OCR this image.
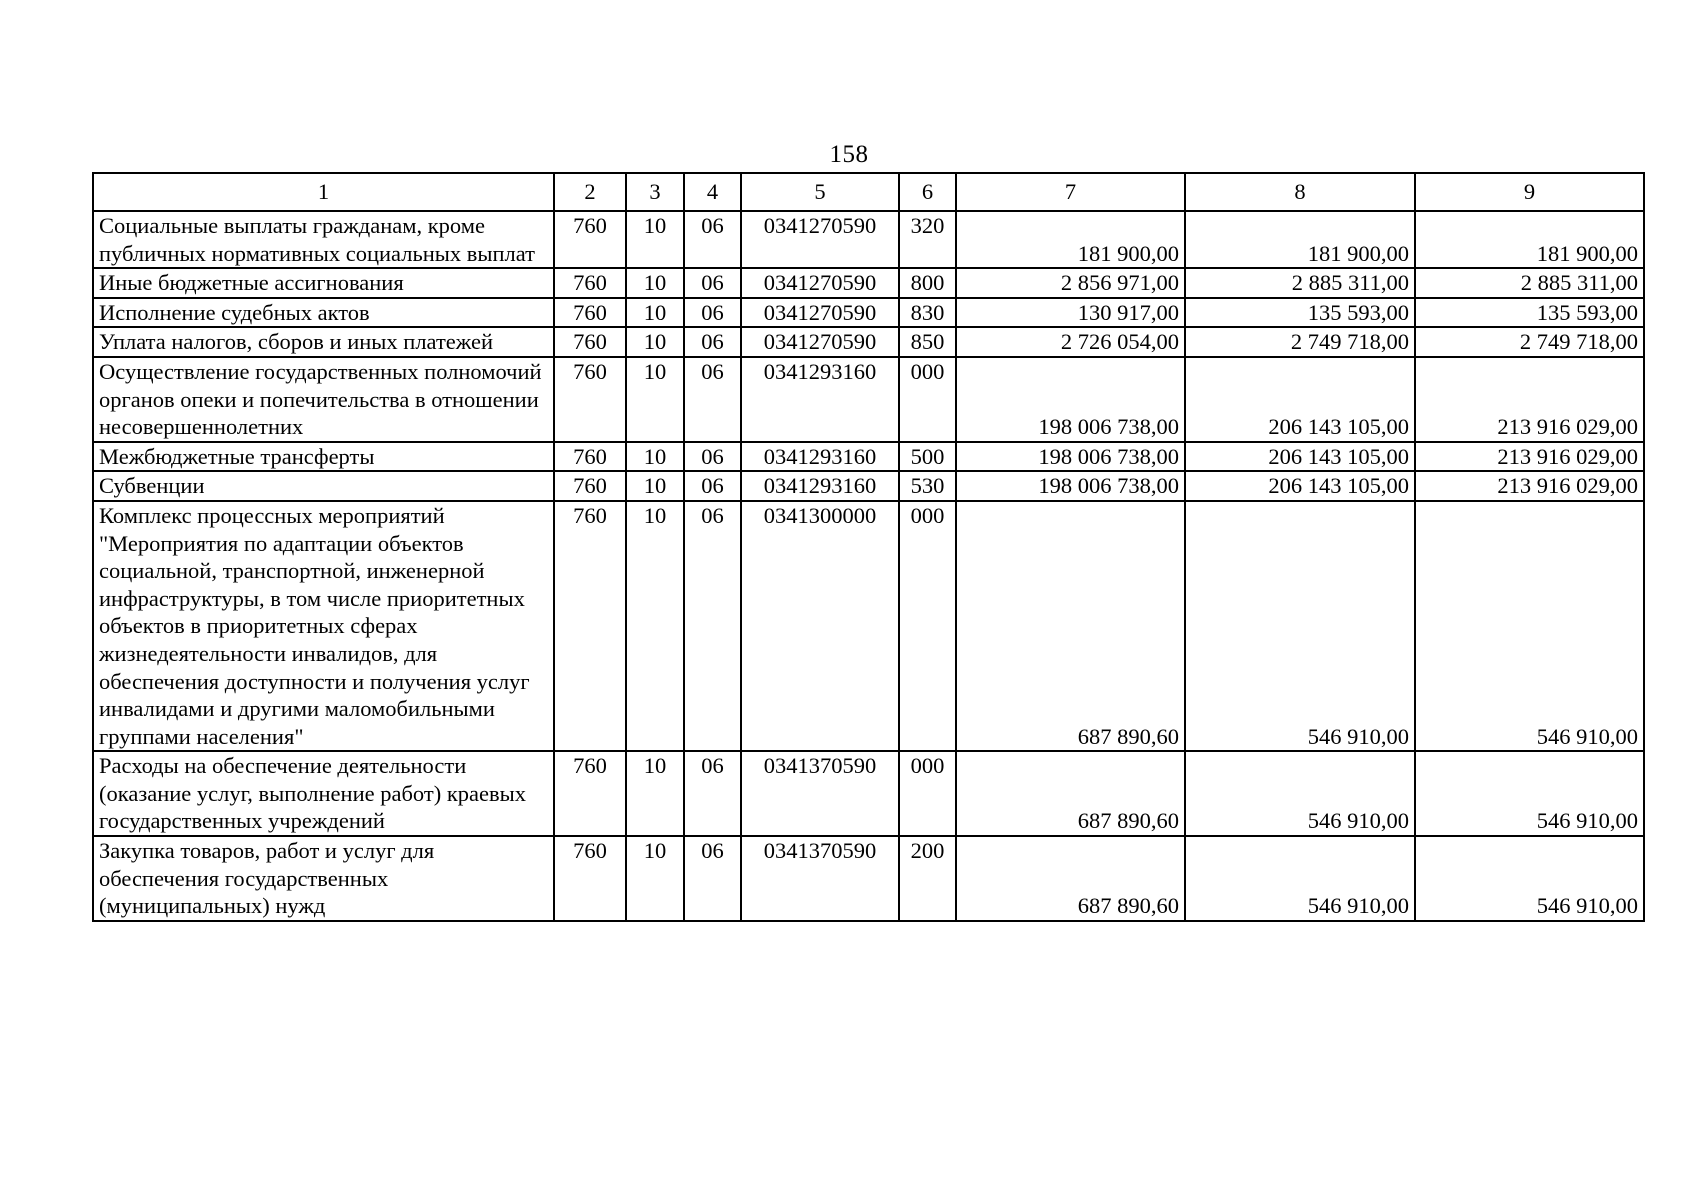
158
1	2	3	4	5	6	7	8	9
Социальные выплаты гражданам, кроме публичных нормативных социальных выплат	760	10	06	0341270590	320	181 900,00	181 900,00	181 900,00
Иные бюджетные ассигнования	760	10	06	0341270590	800	2 856 971,00	2 885 311,00	2 885 311,00
Исполнение судебных актов	760	10	06	0341270590	830	130 917,00	135 593,00	135 593,00
Уплата налогов, сборов и иных платежей	760	10	06	0341270590	850	2 726 054,00	2 749 718,00	2 749 718,00
Осуществление государственных полномочий органов опеки и попечительства в отношении несовершеннолетних	760	10	06	0341293160	000	198 006 738,00	206 143 105,00	213 916 029,00
Межбюджетные трансферты	760	10	06	0341293160	500	198 006 738,00	206 143 105,00	213 916 029,00
Субвенции	760	10	06	0341293160	530	198 006 738,00	206 143 105,00	213 916 029,00
Комплекс процессных мероприятий "Мероприятия по адаптации объектов социальной, транспортной, инженерной инфраструктуры, в том числе приоритетных объектов в приоритетных сферах жизнедеятельности инвалидов, для обеспечения доступности и получения услуг инвалидами и другими маломобильными группами населения"	760	10	06	0341300000	000	687 890,60	546 910,00	546 910,00
Расходы на обеспечение деятельности (оказание услуг, выполнение работ) краевых государственных учреждений	760	10	06	0341370590	000	687 890,60	546 910,00	546 910,00
Закупка товаров, работ и услуг для обеспечения государственных (муниципальных) нужд	760	10	06	0341370590	200	687 890,60	546 910,00	546 910,00
